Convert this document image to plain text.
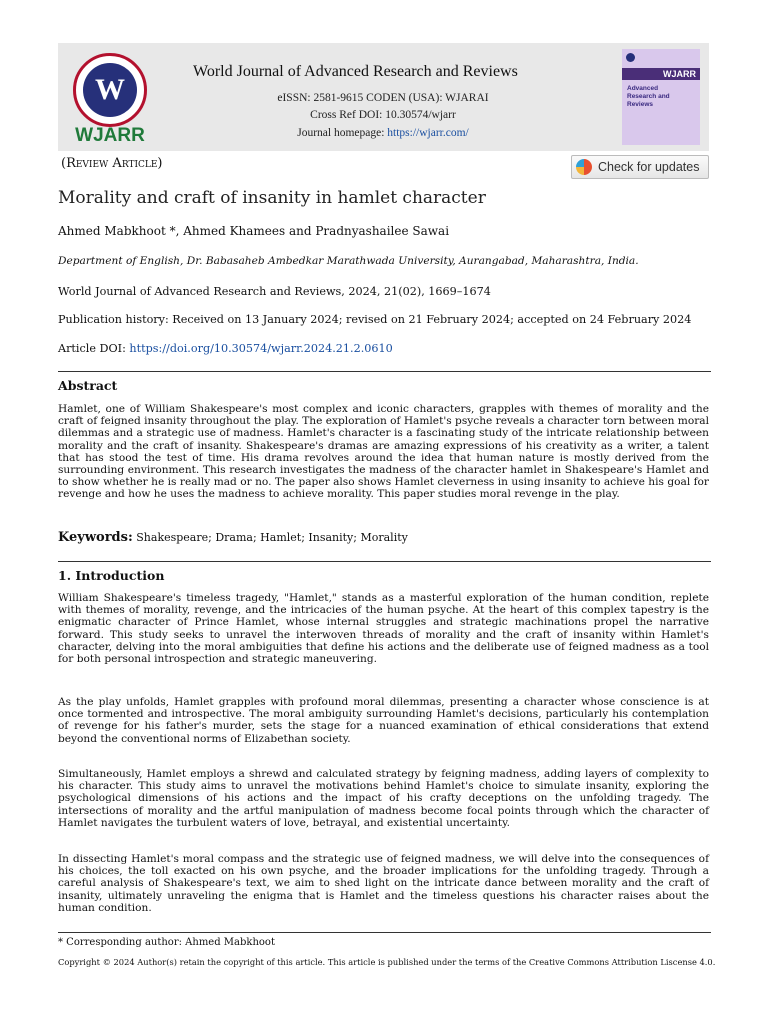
W
WJARR
World Journal of Advanced Research and Reviews
eISSN: 2581-9615 CODEN (USA): WJARAI
Cross Ref DOI: 10.30574/wjarr
Journal homepage: https://wjarr.com/
WJARR
Advanced
Research and
Reviews
(Review Article)	Check for updates
Morality and craft of insanity in hamlet character
Ahmed Mabkhoot *, Ahmed Khamees and Pradnyashailee Sawai
Department of English, Dr. Babasaheb Ambedkar Marathwada University, Aurangabad, Maharashtra, India.
World Journal of Advanced Research and Reviews, 2024, 21(02), 1669–1674
Publication history: Received on 13 January 2024; revised on 21 February 2024; accepted on 24 February 2024
Article DOI: https://doi.org/10.30574/wjarr.2024.21.2.0610
Abstract
Hamlet, one of William Shakespeare's most complex and iconic characters, grapples with themes of morality and the craft of feigned insanity throughout the play. The exploration of Hamlet's psyche reveals a character torn between moral dilemmas and a strategic use of madness. Hamlet's character is a fascinating study of the intricate relationship between morality and the craft of insanity. Shakespeare's dramas are amazing expressions of his creativity as a writer, a talent that has stood the test of time. His drama revolves around the idea that human nature is mostly derived from the surrounding environment. This research investigates the madness of the character hamlet in Shakespeare's Hamlet and to show whether he is really mad or no. The paper also shows Hamlet cleverness in using insanity to achieve his goal for revenge and how he uses the madness to achieve morality. This paper studies moral revenge in the play.
Keywords: Shakespeare; Drama; Hamlet; Insanity; Morality
1. Introduction
William Shakespeare's timeless tragedy, "Hamlet," stands as a masterful exploration of the human condition, replete with themes of morality, revenge, and the intricacies of the human psyche. At the heart of this complex tapestry is the enigmatic character of Prince Hamlet, whose internal struggles and strategic machinations propel the narrative forward. This study seeks to unravel the interwoven threads of morality and the craft of insanity within Hamlet's character, delving into the moral ambiguities that define his actions and the deliberate use of feigned madness as a tool for both personal introspection and strategic maneuvering.
As the play unfolds, Hamlet grapples with profound moral dilemmas, presenting a character whose conscience is at once tormented and introspective. The moral ambiguity surrounding Hamlet's decisions, particularly his contemplation of revenge for his father's murder, sets the stage for a nuanced examination of ethical considerations that extend beyond the conventional norms of Elizabethan society.
Simultaneously, Hamlet employs a shrewd and calculated strategy by feigning madness, adding layers of complexity to his character. This study aims to unravel the motivations behind Hamlet's choice to simulate insanity, exploring the psychological dimensions of his actions and the impact of his crafty deceptions on the unfolding tragedy. The intersections of morality and the artful manipulation of madness become focal points through which the character of Hamlet navigates the turbulent waters of love, betrayal, and existential uncertainty.
In dissecting Hamlet's moral compass and the strategic use of feigned madness, we will delve into the consequences of his choices, the toll exacted on his own psyche, and the broader implications for the unfolding tragedy. Through a careful analysis of Shakespeare's text, we aim to shed light on the intricate dance between morality and the craft of insanity, ultimately unraveling the enigma that is Hamlet and the timeless questions his character raises about the human condition.
* Corresponding author: Ahmed Mabkhoot
Copyright © 2024 Author(s) retain the copyright of this article. This article is published under the terms of the Creative Commons Attribution Liscense 4.0.
